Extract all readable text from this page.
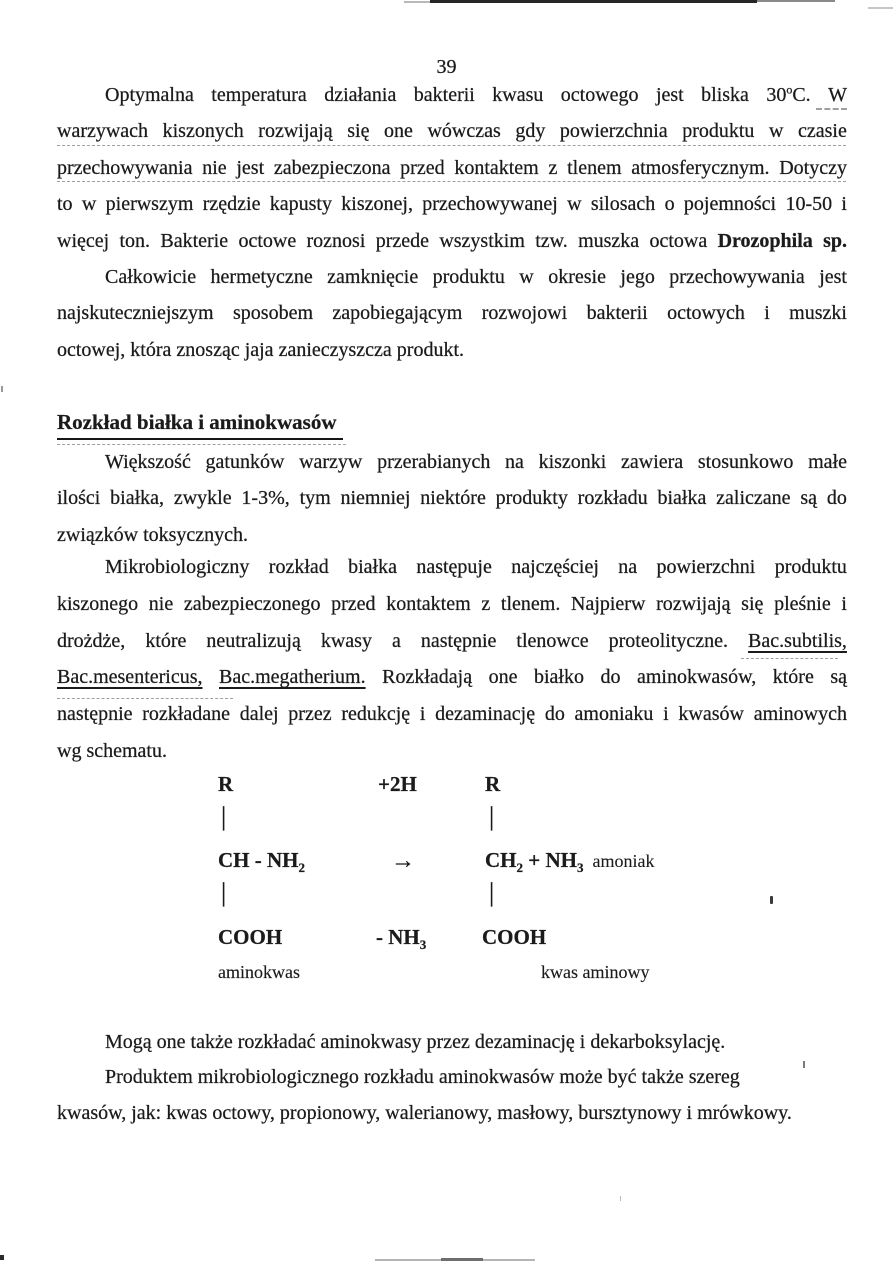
39
Optymalna temperatura działania bakterii kwasu octowego jest bliska 30$^o$C. W
warzywach kiszonych rozwijają się one wówczas gdy powierzchnia produktu w czasie
przechowywania nie jest zabezpieczona przed kontaktem z tlenem atmosferycznym. Dotyczy
to w pierwszym rzędzie kapusty kiszonej, przechowywanej w silosach o pojemności 10-50 i
więcej ton. Bakterie octowe roznosi przede wszystkim tzw. muszka octowa Drozophila sp.
Całkowicie hermetyczne zamknięcie produktu w okresie jego przechowywania jest
najskuteczniejszym sposobem zapobiegającym rozwojowi bakterii octowych i muszki
octowej, która znosząc jaja zanieczyszcza produkt.
Większość gatunków warzyw przerabianych na kiszonki zawiera stosunkowo małe
ilości białka, zwykle 1-3%, tym niemniej niektóre produkty rozkładu białka zaliczane są do
związków toksycznych.
Mikrobiologiczny rozkład białka następuje najczęściej na powierzchni produktu
kiszonego nie zabezpieczonego przed kontaktem z tlenem. Najpierw rozwijają się pleśnie i
drożdże, które neutralizują kwasy a następnie tlenowce proteolityczne. Bac.subtilis,
Bac.mesentericus, Bac.megatherium. Rozkładają one białko do aminokwasów, które są
następnie rozkładane dalej przez redukcję i dezaminację do amoniaku i kwasów aminowych
wg schematu.
Mogą one także rozkładać aminokwasy przez dezaminację i dekarboksylację.
Produktem mikrobiologicznego rozkładu aminokwasów może być także szereg
kwasów, jak: kwas octowy, propionowy, walerianowy, masłowy, bursztynowy i mrówkowy.
Rozkład białka i aminokwasów
R	+2H	R
|	|
CH - $NH_2$	→	$CH_2 + NH_3$ amoniak
|	|
COOH	- $NH_3$	COOH
aminokwas	kwas aminowy
